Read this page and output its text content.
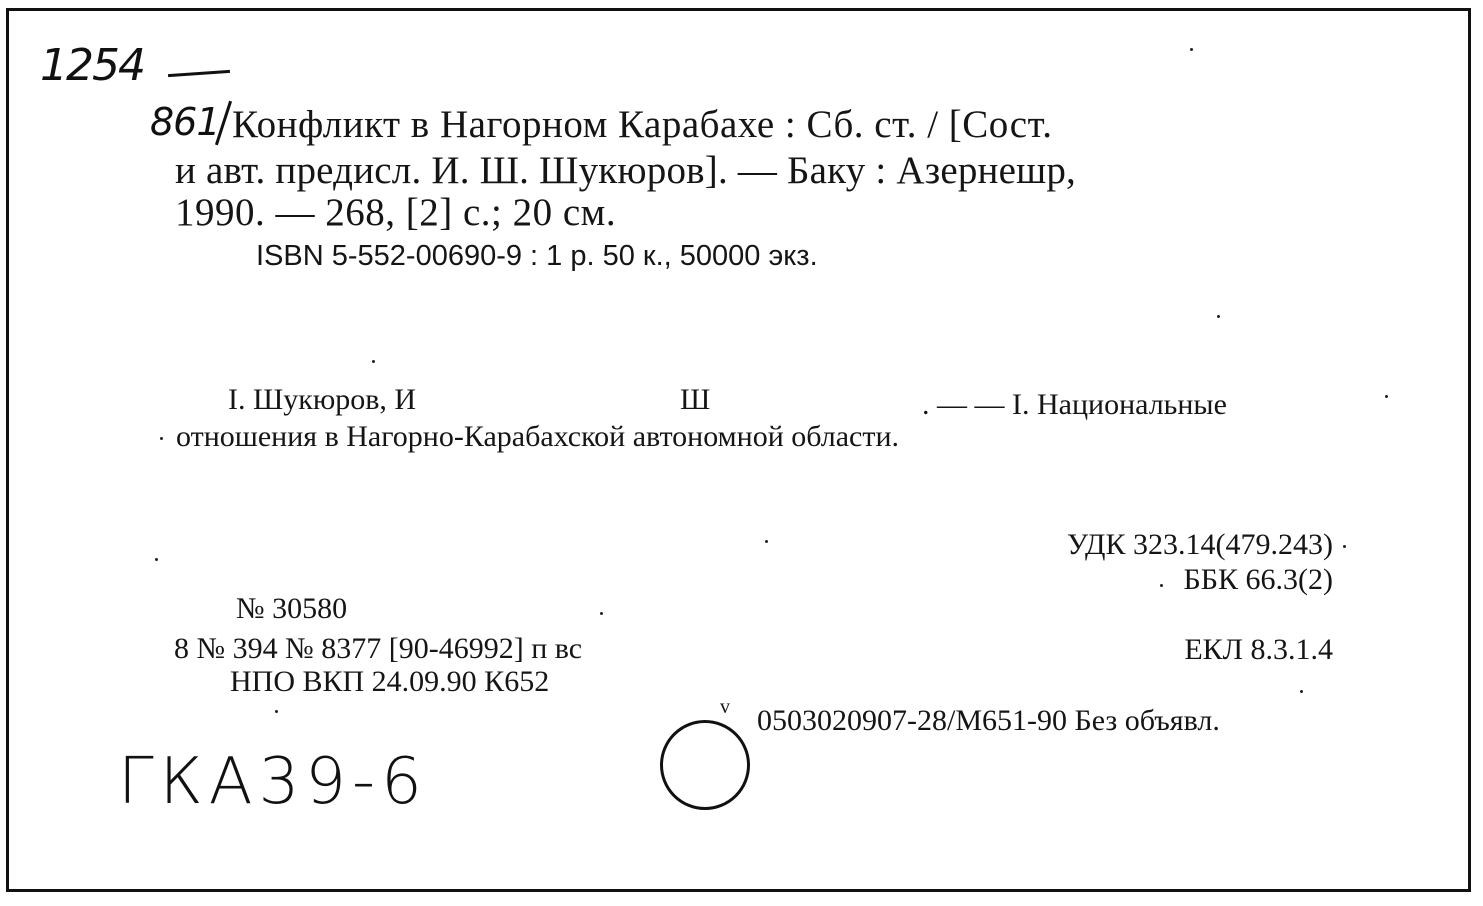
1254
861
ГКА39-6
Конфликт в Нагорном Карабахе : Сб. ст. / [Сост.
и авт. предисл. И. Ш. Шукюров]. — Баку : Азернешр,
1990. — 268, [2] с.; 20 см.
ISBN 5-552-00690-9 : 1 р. 50 к., 50000 экз.
I. Шукюров, И	Ш	. — — I. Национальные
отношения в Нагорно-Карабахской автономной области.
УДК 323.14(479.243)
ББК 66.3(2)
ЕКЛ 8.3.1.4
0503020907-28/М651-90 Без объявл.
v
№ 30580
8 № 394 № 8377 [90-46992] п вс
НПО ВКП 24.09.90 К652
